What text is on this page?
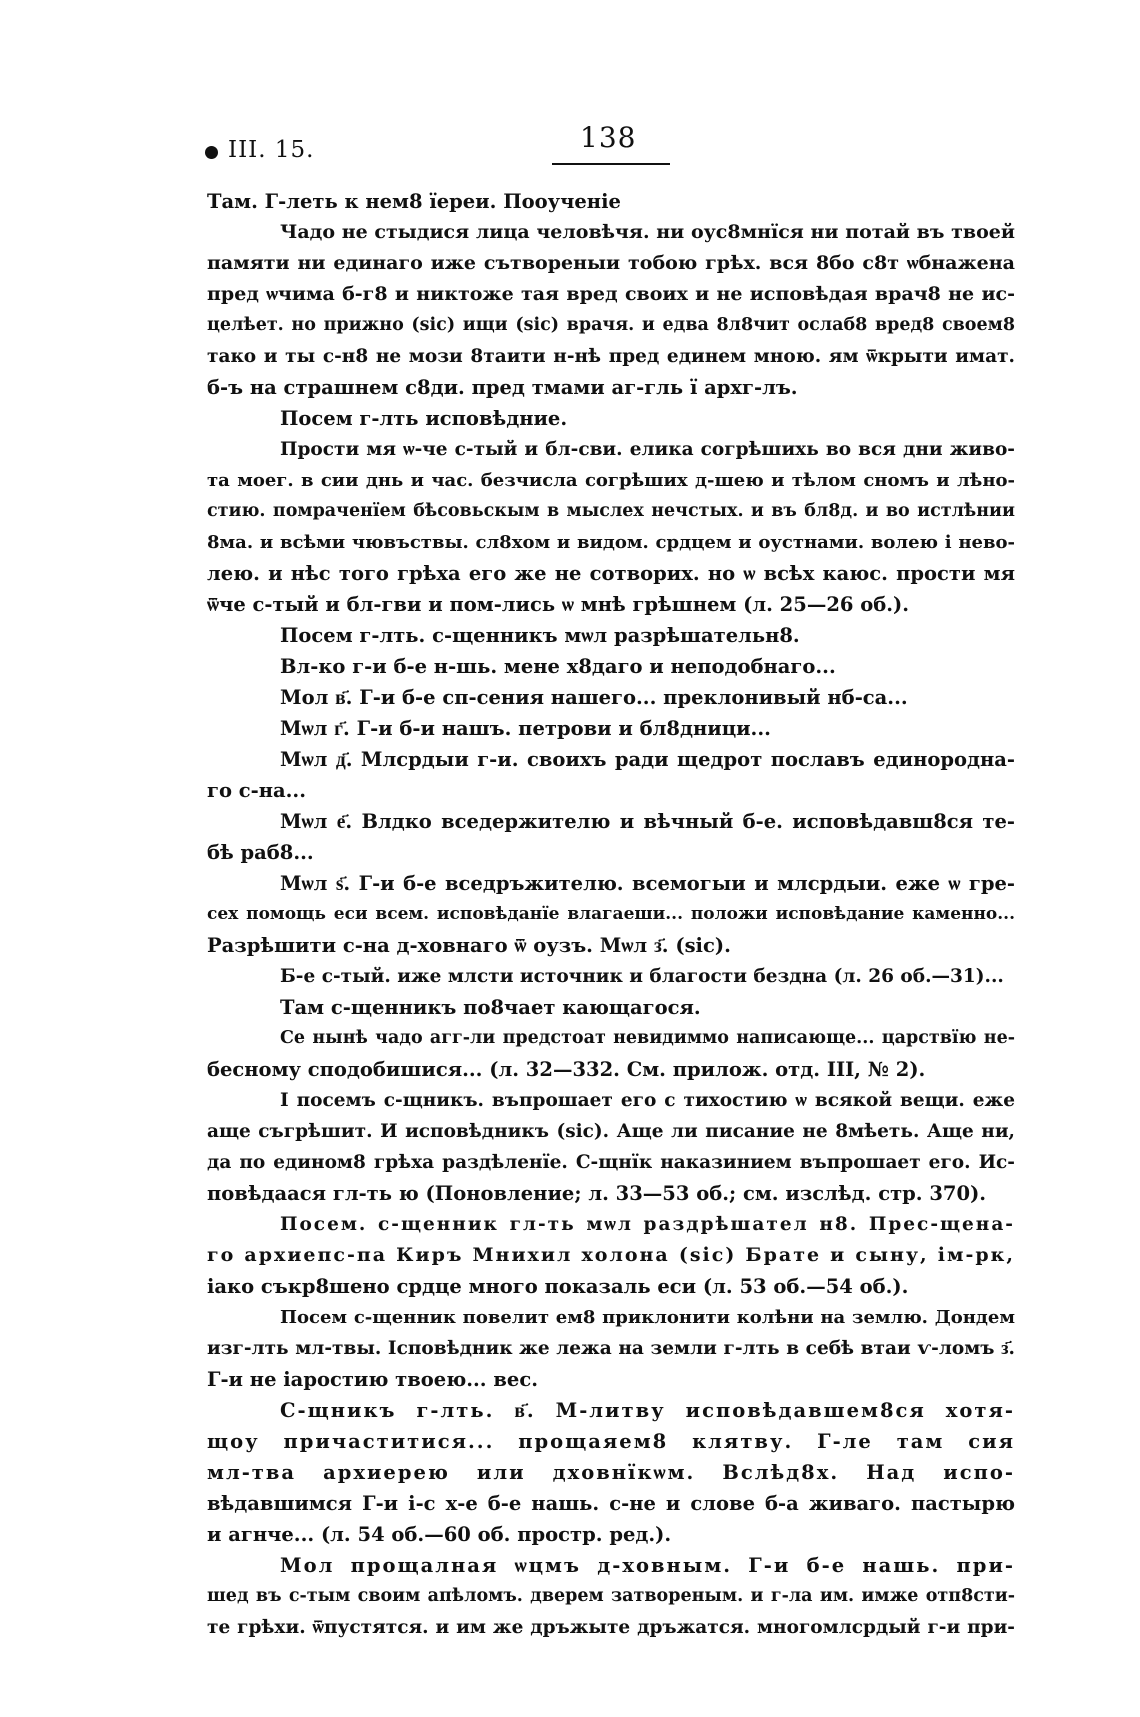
III. 15.	138
Там. Г-леть к нем8 їереи. Пооученіе
Чадо не стыдися лица человѣчя. ни оус8мнїся ни потай въ твоей
памяти ни единаго иже сътвореныи тобою грѣх. вся 8бо с8т ѡбнажена
пред ѡчима б-г8 и никтоже тая вред своих и не исповѣдая врач8 не ис-
целѣет. но прижно (sic) ищи (sic) врачя. и едва 8л8чит ослаб8 вред8 своем8
тако и ты с-н8 не мози 8таити н-нѣ пред единем мною. ям ѿкрыти имат.
б-ъ на страшнем с8ди. пред тмами аг-гль ї архг-лъ.
Посем г-лть исповѣдние.
Прости мя ѡ-че с-тый и бл-сви. елика согрѣшихь во вся дни живо-
та моег. в сии днь и час. безчисла согрѣших д-шею и тѣлом сномъ и лѣно-
стию. помраченїем бѣсовьскым в мыслех нечстых. и въ бл8д. и во истлѣнии
8ма. и всѣми чювъствы. сл8хом и видом. срдцем и оустнами. волею і нево-
лею. и нѣс того грѣха его же не сотворих. но ѡ всѣх каюс. прости мя
ѿче с-тый и бл-гви и пом-лись ѡ мнѣ грѣшнем (л. 25—26 об.).
Посем г-лть. с-щенникъ мѡл разрѣшательн8.
Вл-ко г-и б-е н-шь. мене х8даго и неподобнаго...
Мол в҃. Г-и б-е сп-сения нашего... преклонивый нб-са...
Мѡл г҃. Г-и б-и нашъ. петрови и бл8дници...
Мѡл д҃. Млсрдыи г-и. своихъ ради щедрот пославъ единородна-
го с-на...
Мѡл е҃. Влдко вседержителю и вѣчный б-е. исповѣдавш8ся те-
бѣ раб8...
Мѡл ѕ҃. Г-и б-е вседръжителю. всемогыи и млсрдыи. еже ѡ гре-
сех помощь еси всем. исповѣданїе влагаеши... положи исповѣдание каменно...
Разрѣшити с-на д-ховнаго ѿ оузъ. Мѡл з҃. (sic).
Б-е с-тый. иже млсти источник и благости бездна (л. 26 об.—31)...
Там с-щенникъ по8чает кающагося.
Се нынѣ чадо агг-ли предстоат невидиммо написающе... царствїю не-
бесному сподобишися... (л. 32—332. См. прилож. отд. III, № 2).
І посемъ с-щникъ. въпрошает его с тихостию ѡ всякой вещи. еже
аще съгрѣшит. И исповѣдникъ (sic). Аще ли писание не 8мѣеть. Аще ни,
да по едином8 грѣха раздѣленїе. С-щнїк наказинием въпрошает его. Ис-
повѣдаася гл-ть ю (Поновление; л. 33—53 об.; см. изслѣд. стр. 370).
Посем. с-щенник гл-ть мѡл раздрѣшател н8. Прес-щена-
го архиепс-па Киръ Мнихил холона (sic) Брате и сыну, ім-рк,
іако съкр8шено срдце много показаль еси (л. 53 об.—54 об.).
Посем с-щенник повелит ем8 приклонити колѣни на землю. Дондем
изг-лть мл-твы. Ісповѣдник же лежа на земли г-лть в себѣ втаи ѵ-ломъ з҃.
Г-и не іаростию твоею... вес.
С-щникъ г-лть. в҃. М-литву исповѣдавшем8ся хотя-
щоу причаститися... прощаяем8 клятву. Г-ле там сия
мл-тва архиерею или дховнїкѡм. Вслѣд8х. Над испо-
вѣдавшимся Г-и і-с х-е б-е нашь. с-не и слове б-а живаго. пастырю
и агнче... (л. 54 об.—60 об. простр. ред.).
Мол прощалная ѡцмъ д-ховным. Г-и б-е нашь. при-
шед въ с-тым своим апѣломъ. дверем затвореным. и г-ла им. имже отп8сти-
те грѣхи. ѿпустятся. и им же дръжыте дръжатся. многомлсрдый г-и при-
